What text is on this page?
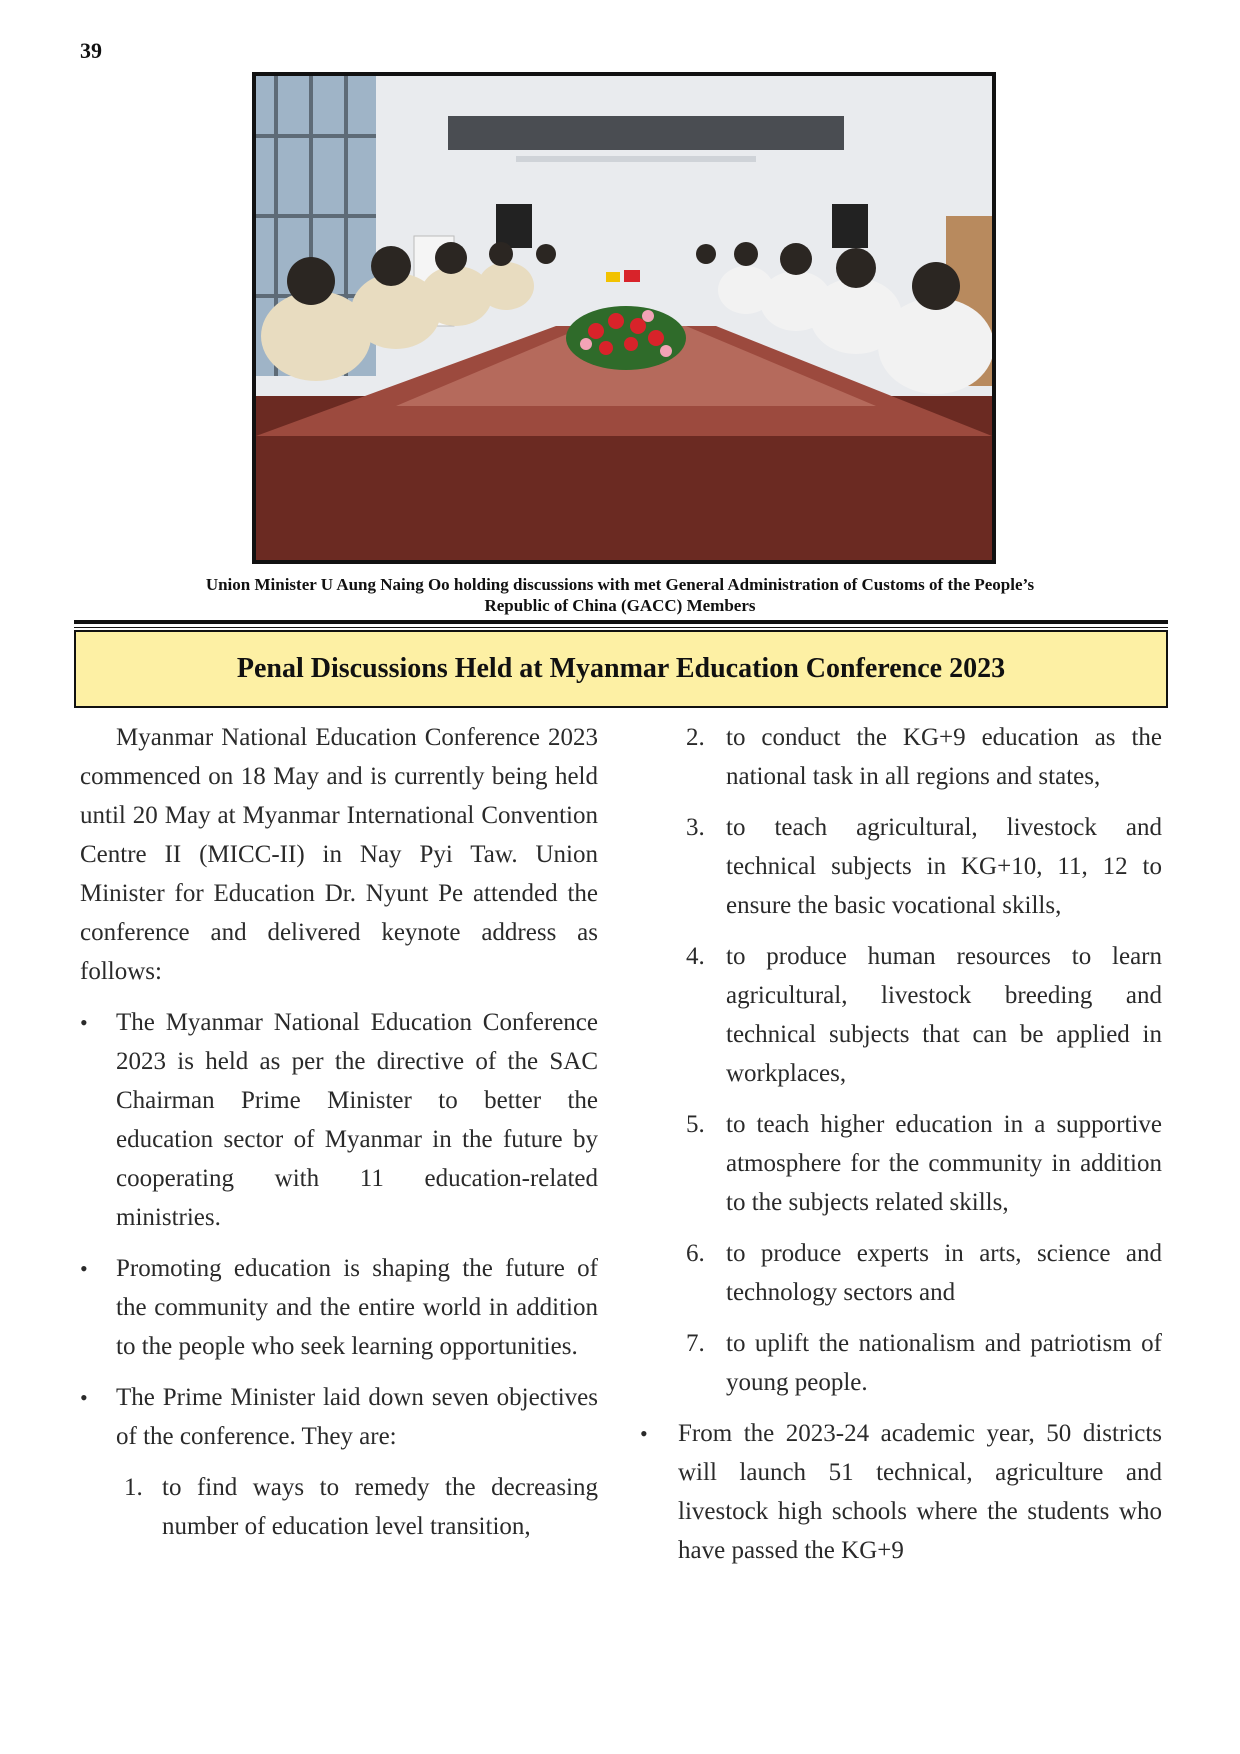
39
Union Minister U Aung Naing Oo holding discussions with met General Administration of Customs of the People’s
Republic of China (GACC) Members
Penal Discussions Held at Myanmar Education Conference 2023

Myanmar National Education Conference 2023 commenced on 18 May and is currently being held until 20 May at Myanmar International Convention Centre II (MICC-II) in Nay Pyi Taw. Union Minister for Education Dr. Nyunt Pe attended the conference and delivered keynote address as follows:

•	The Myanmar National Education Conference 2023 is held as per the directive of the SAC Chairman Prime Minister to better the education sector of Myanmar in the future by cooperating with 11 education-related ministries.
•	Promoting education is shaping the future of the community and the entire world in addition to the people who seek learning opportunities.
•	The Prime Minister laid down seven objectives of the conference. They are:
1. to find ways to remedy the decreasing number of education level transition,
2. to conduct the KG+9 education as the national task in all regions and states,
3. to teach agricultural, livestock and technical subjects in KG+10, 11, 12 to ensure the basic vocational skills,
4. to produce human resources to learn agricultural, livestock breeding and technical subjects that can be applied in workplaces,
5. to teach higher education in a supportive atmosphere for the community in addition to the subjects related skills,
6. to produce experts in arts, science and technology sectors and
7. to uplift the nationalism and patriotism of young people.
•	From the 2023-24 academic year, 50 districts will launch 51 technical, agriculture and livestock high schools where the students who have passed the KG+9
